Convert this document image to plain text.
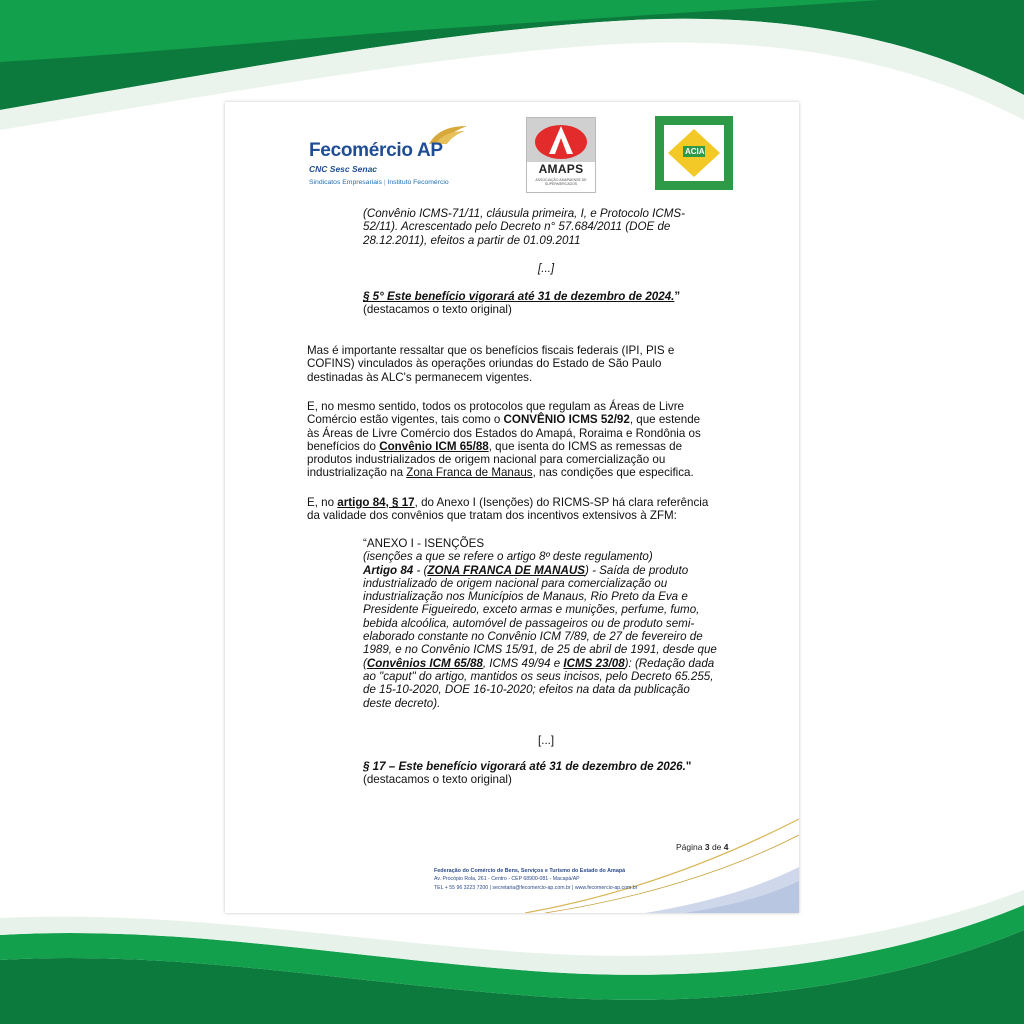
Fecomércio AP
CNC Sesc Senac
Sindicatos Empresariais | Instituto Fecomércio
AMAPS
ASSOCIAÇÃO AMAPAENSE DE SUPERMERCADOS
ACIA
(Convênio ICMS-71/11, cláusula primeira, I, e Protocolo ICMS-
52/11). Acrescentado pelo Decreto n° 57.684/2011 (DOE de
28.12.2011), efeitos a partir de 01.09.2011
[...]
§ 5° Este benefício vigorará até 31 de dezembro de 2024.”
(destacamos o texto original)
Mas é importante ressaltar que os benefícios fiscais federais (IPI, PIS e
COFINS) vinculados às operações oriundas do Estado de São Paulo
destinadas às ALC's permanecem vigentes.
E, no mesmo sentido, todos os protocolos que regulam as Áreas de Livre
Comércio estão vigentes, tais como o CONVÊNIO ICMS 52/92, que estende
às Áreas de Livre Comércio dos Estados do Amapá, Roraima e Rondônia os
benefícios do Convênio ICM 65/88, que isenta do ICMS as remessas de
produtos industrializados de origem nacional para comercialização ou
industrialização na Zona Franca de Manaus, nas condições que especifica.
E, no artigo 84, § 17, do Anexo I (Isenções) do RICMS-SP há clara referência
da validade dos convênios que tratam dos incentivos extensivos à ZFM:
“ANEXO I - ISENÇÕES
(isenções a que se refere o artigo 8º deste regulamento)
Artigo 84 - (ZONA FRANCA DE MANAUS) - Saída de produto
industrializado de origem nacional para comercialização ou
industrialização nos Municípios de Manaus, Rio Preto da Eva e
Presidente Figueiredo, exceto armas e munições, perfume, fumo,
bebida alcoólica, automóvel de passageiros ou de produto semi-
elaborado constante no Convênio ICM 7/89, de 27 de fevereiro de
1989, e no Convênio ICMS 15/91, de 25 de abril de 1991, desde que
(Convênios ICM 65/88, ICMS 49/94 e ICMS 23/08): (Redação dada
ao "caput" do artigo, mantidos os seus incisos, pelo Decreto 65.255,
de 15-10-2020, DOE 16-10-2020; efeitos na data da publicação
deste decreto).
[...]
§ 17 – Este benefício vigorará até 31 de dezembro de 2026."
(destacamos o texto original)
Página 3 de 4
Federação do Comércio de Bens, Serviços e Turismo do Estado do Amapá
Av. Procópio Rola, 261 - Centro - CEP 68900-081 - Macapá/AP
TEL + 55 96 3223 7200 | secretaria@fecomercio-ap.com.br | www.fecomercio-ap.com.br
